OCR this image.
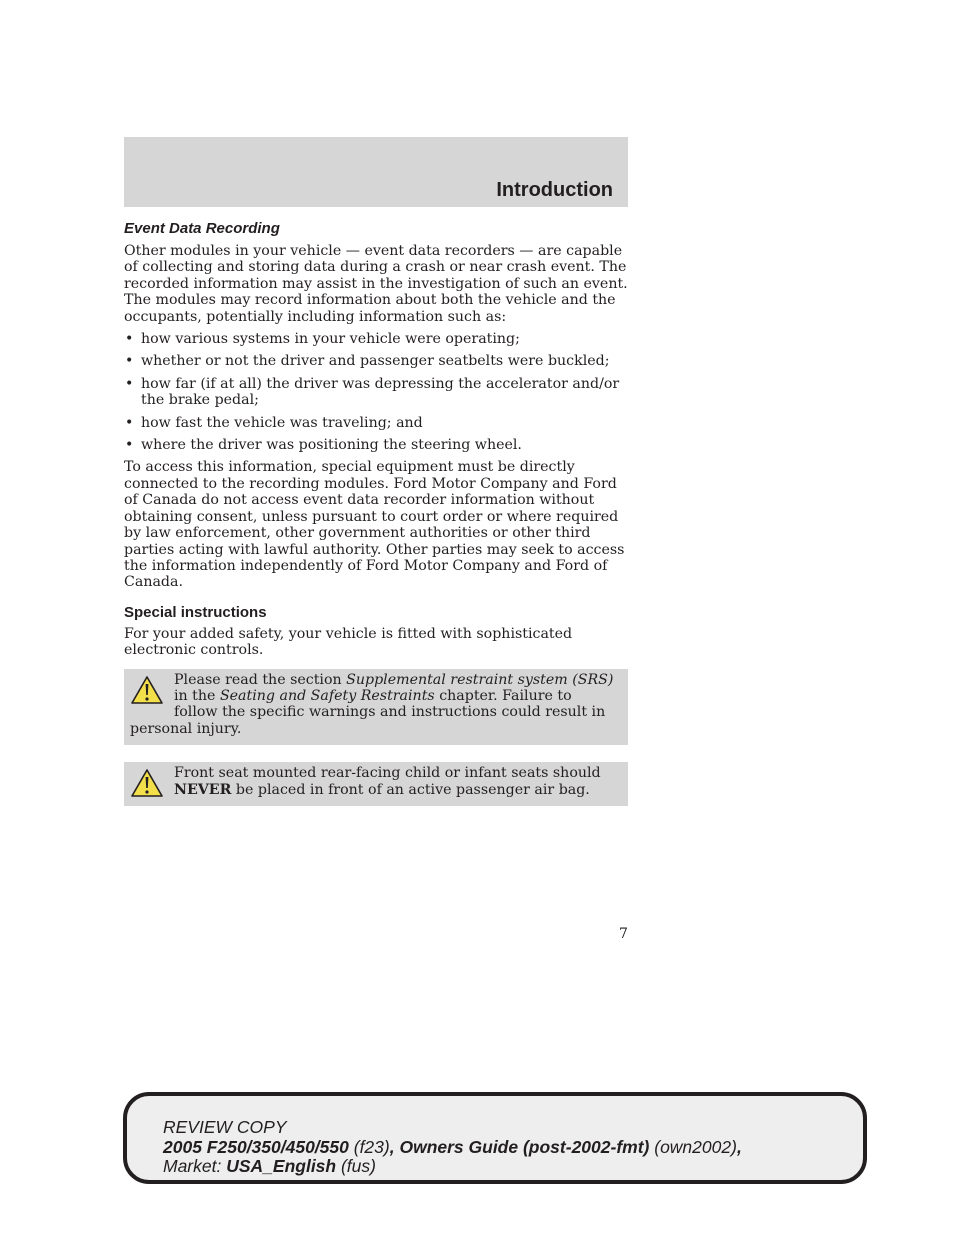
Introduction
Event Data Recording

Other modules in your vehicle — event data recorders — are capable of collecting and storing data during a crash or near crash event. The recorded information may assist in the investigation of such an event. The modules may record information about both the vehicle and the occupants, potentially including information such as:

• how various systems in your vehicle were operating;
• whether or not the driver and passenger seatbelts were buckled;
• how far (if at all) the driver was depressing the accelerator and/or the brake pedal;
• how fast the vehicle was traveling; and
• where the driver was positioning the steering wheel.

To access this information, special equipment must be directly connected to the recording modules. Ford Motor Company and Ford of Canada do not access event data recorder information without obtaining consent, unless pursuant to court order or where required by law enforcement, other government authorities or other third parties acting with lawful authority. Other parties may seek to access the information independently of Ford Motor Company and Ford of Canada.

Special instructions

For your added safety, your vehicle is fitted with sophisticated electronic controls.

Please read the section Supplemental restraint system (SRS) in the Seating and Safety Restraints chapter. Failure to follow the specific warnings and instructions could result in personal injury.
Front seat mounted rear-facing child or infant seats should NEVER be placed in front of an active passenger air bag.
7
REVIEW COPY
2005 F250/350/450/550 (f23), Owners Guide (post-2002-fmt) (own2002),
Market: USA_English (fus)
